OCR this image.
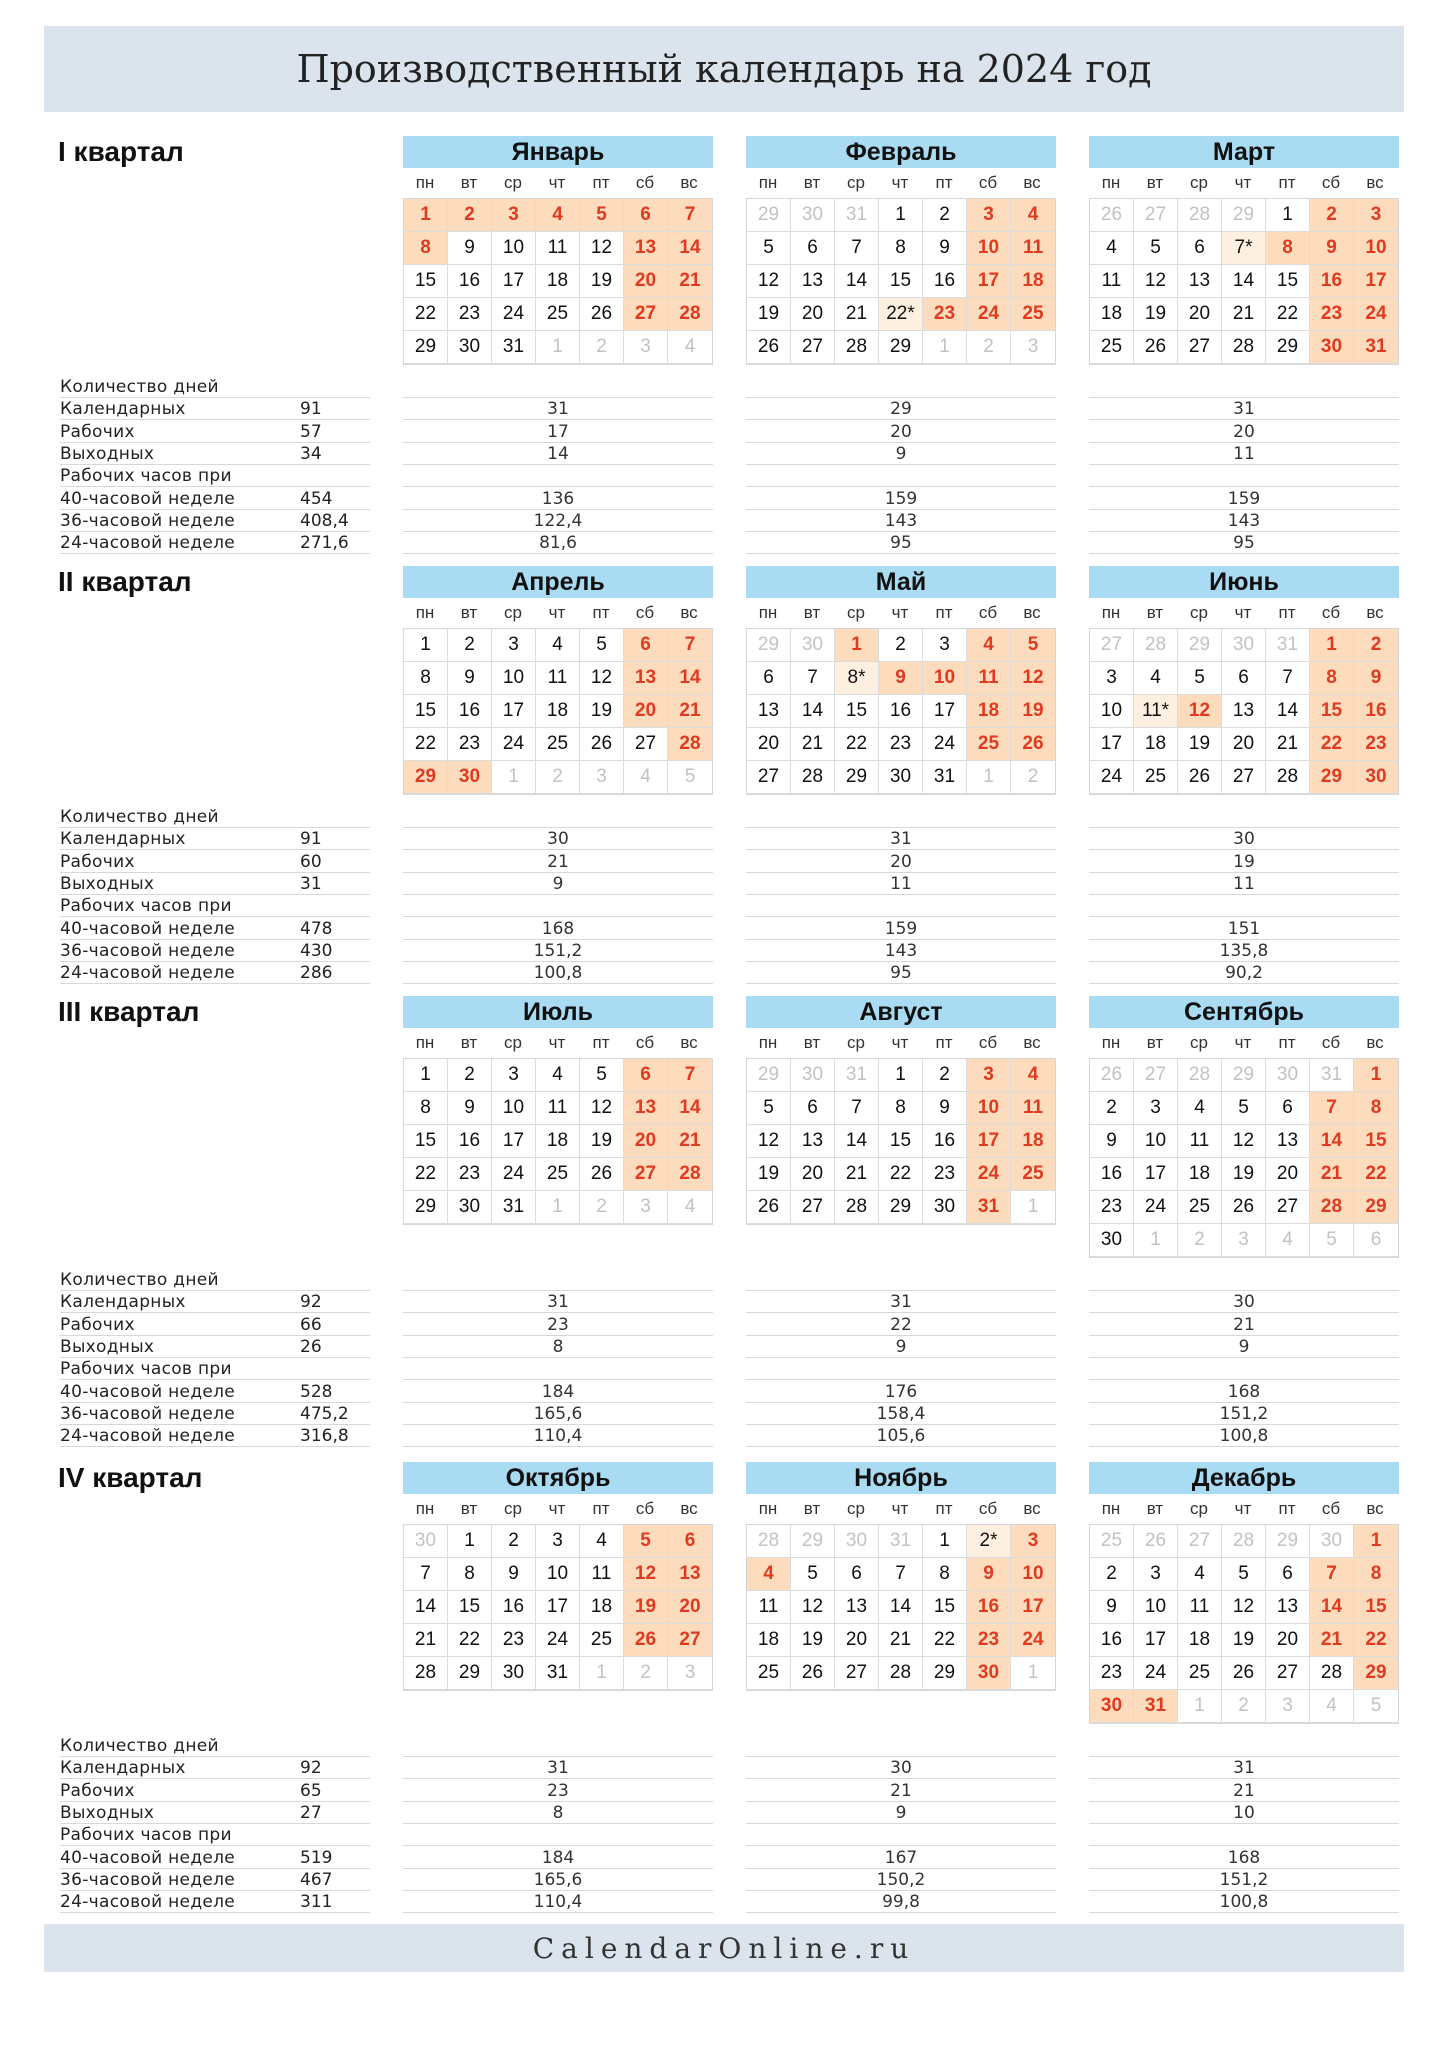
Производственный календарь на 2024 год
I квартал	Январь
пн	вт	ср	чт	пт	сб	вс
1	2	3	4	5	6	7
8	9	10	11	12	13	14
15	16	17	18	19	20	21
22	23	24	25	26	27	28
29	30	31	1	2	3	4
Февраль
пн	вт	ср	чт	пт	сб	вс
29	30	31	1	2	3	4
5	6	7	8	9	10	11
12	13	14	15	16	17	18
19	20	21	22*	23	24	25
26	27	28	29	1	2	3
Март
пн	вт	ср	чт	пт	сб	вс
26	27	28	29	1	2	3
4	5	6	7*	8	9	10
11	12	13	14	15	16	17
18	19	20	21	22	23	24
25	26	27	28	29	30	31
Количество дней
Календарных	91	31	29	31
Рабочих	57	17	20	20
Выходных	34	14	9	11
Рабочих часов при
40-часовой неделе	454	136	159	159
36-часовой неделе	408,4	122,4	143	143
24-часовой неделе	271,6	81,6	95	95
II квартал	Апрель
пн	вт	ср	чт	пт	сб	вс
1	2	3	4	5	6	7
8	9	10	11	12	13	14
15	16	17	18	19	20	21
22	23	24	25	26	27	28
29	30	1	2	3	4	5
Май
пн	вт	ср	чт	пт	сб	вс
29	30	1	2	3	4	5
6	7	8*	9	10	11	12
13	14	15	16	17	18	19
20	21	22	23	24	25	26
27	28	29	30	31	1	2
Июнь
пн	вт	ср	чт	пт	сб	вс
27	28	29	30	31	1	2
3	4	5	6	7	8	9
10	11*	12	13	14	15	16
17	18	19	20	21	22	23
24	25	26	27	28	29	30
Количество дней
Календарных	91	30	31	30
Рабочих	60	21	20	19
Выходных	31	9	11	11
Рабочих часов при
40-часовой неделе	478	168	159	151
36-часовой неделе	430	151,2	143	135,8
24-часовой неделе	286	100,8	95	90,2
III квартал	Июль
пн	вт	ср	чт	пт	сб	вс
1	2	3	4	5	6	7
8	9	10	11	12	13	14
15	16	17	18	19	20	21
22	23	24	25	26	27	28
29	30	31	1	2	3	4
Август
пн	вт	ср	чт	пт	сб	вс
29	30	31	1	2	3	4
5	6	7	8	9	10	11
12	13	14	15	16	17	18
19	20	21	22	23	24	25
26	27	28	29	30	31	1
Сентябрь
пн	вт	ср	чт	пт	сб	вс
26	27	28	29	30	31	1
2	3	4	5	6	7	8
9	10	11	12	13	14	15
16	17	18	19	20	21	22
23	24	25	26	27	28	29
30	1	2	3	4	5	6
Количество дней
Календарных	92	31	31	30
Рабочих	66	23	22	21
Выходных	26	8	9	9
Рабочих часов при
40-часовой неделе	528	184	176	168
36-часовой неделе	475,2	165,6	158,4	151,2
24-часовой неделе	316,8	110,4	105,6	100,8
IV квартал	Октябрь
пн	вт	ср	чт	пт	сб	вс
30	1	2	3	4	5	6
7	8	9	10	11	12	13
14	15	16	17	18	19	20
21	22	23	24	25	26	27
28	29	30	31	1	2	3
Ноябрь
пн	вт	ср	чт	пт	сб	вс
28	29	30	31	1	2*	3
4	5	6	7	8	9	10
11	12	13	14	15	16	17
18	19	20	21	22	23	24
25	26	27	28	29	30	1
Декабрь
пн	вт	ср	чт	пт	сб	вс
25	26	27	28	29	30	1
2	3	4	5	6	7	8
9	10	11	12	13	14	15
16	17	18	19	20	21	22
23	24	25	26	27	28	29
30	31	1	2	3	4	5
Количество дней
Календарных	92	31	30	31
Рабочих	65	23	21	21
Выходных	27	8	9	10
Рабочих часов при
40-часовой неделе	519	184	167	168
36-часовой неделе	467	165,6	150,2	151,2
24-часовой неделе	311	110,4	99,8	100,8
CalendarOnline.ru
